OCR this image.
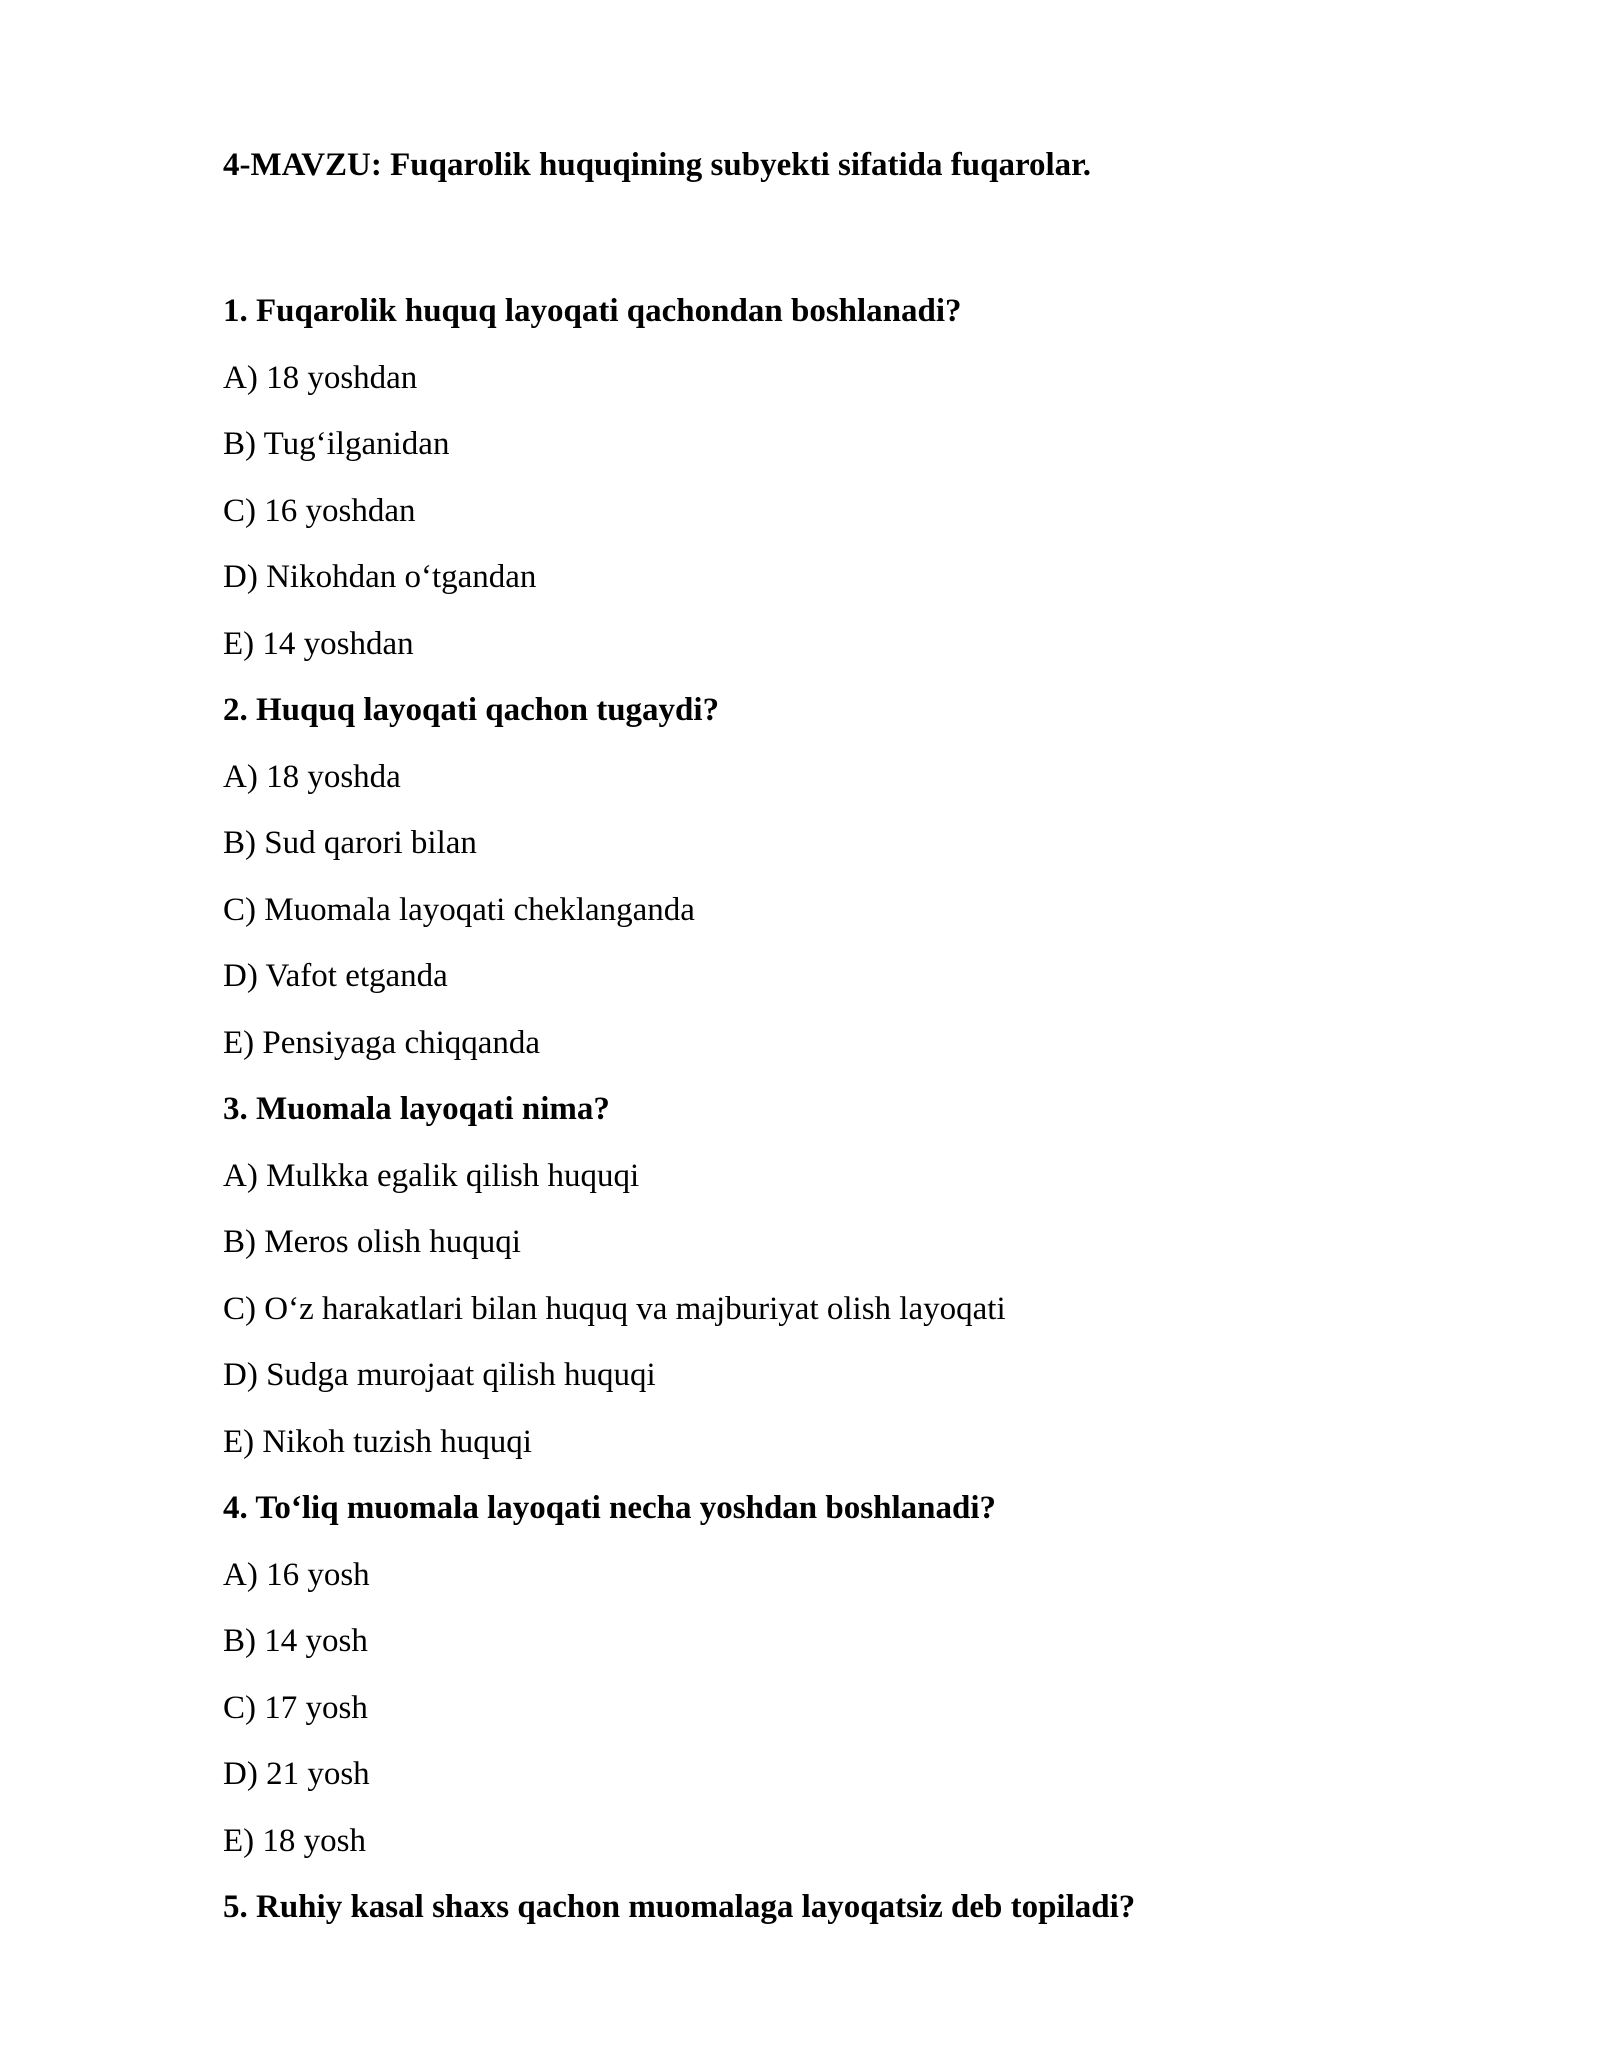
4-MAVZU: Fuqarolik huquqining subyekti sifatida fuqarolar.
1. Fuqarolik huquq layoqati qachondan boshlanadi?
A) 18 yoshdan
B) Tug‘ilganidan
C) 16 yoshdan
D) Nikohdan o‘tgandan
E) 14 yoshdan
2. Huquq layoqati qachon tugaydi?
A) 18 yoshda
B) Sud qarori bilan
C) Muomala layoqati cheklanganda
D) Vafot etganda
E) Pensiyaga chiqqanda
3. Muomala layoqati nima?
A) Mulkka egalik qilish huquqi
B) Meros olish huquqi
C) O‘z harakatlari bilan huquq va majburiyat olish layoqati
D) Sudga murojaat qilish huquqi
E) Nikoh tuzish huquqi
4. To‘liq muomala layoqati necha yoshdan boshlanadi?
A) 16 yosh
B) 14 yosh
C) 17 yosh
D) 21 yosh
E) 18 yosh
5. Ruhiy kasal shaxs qachon muomalaga layoqatsiz deb topiladi?
